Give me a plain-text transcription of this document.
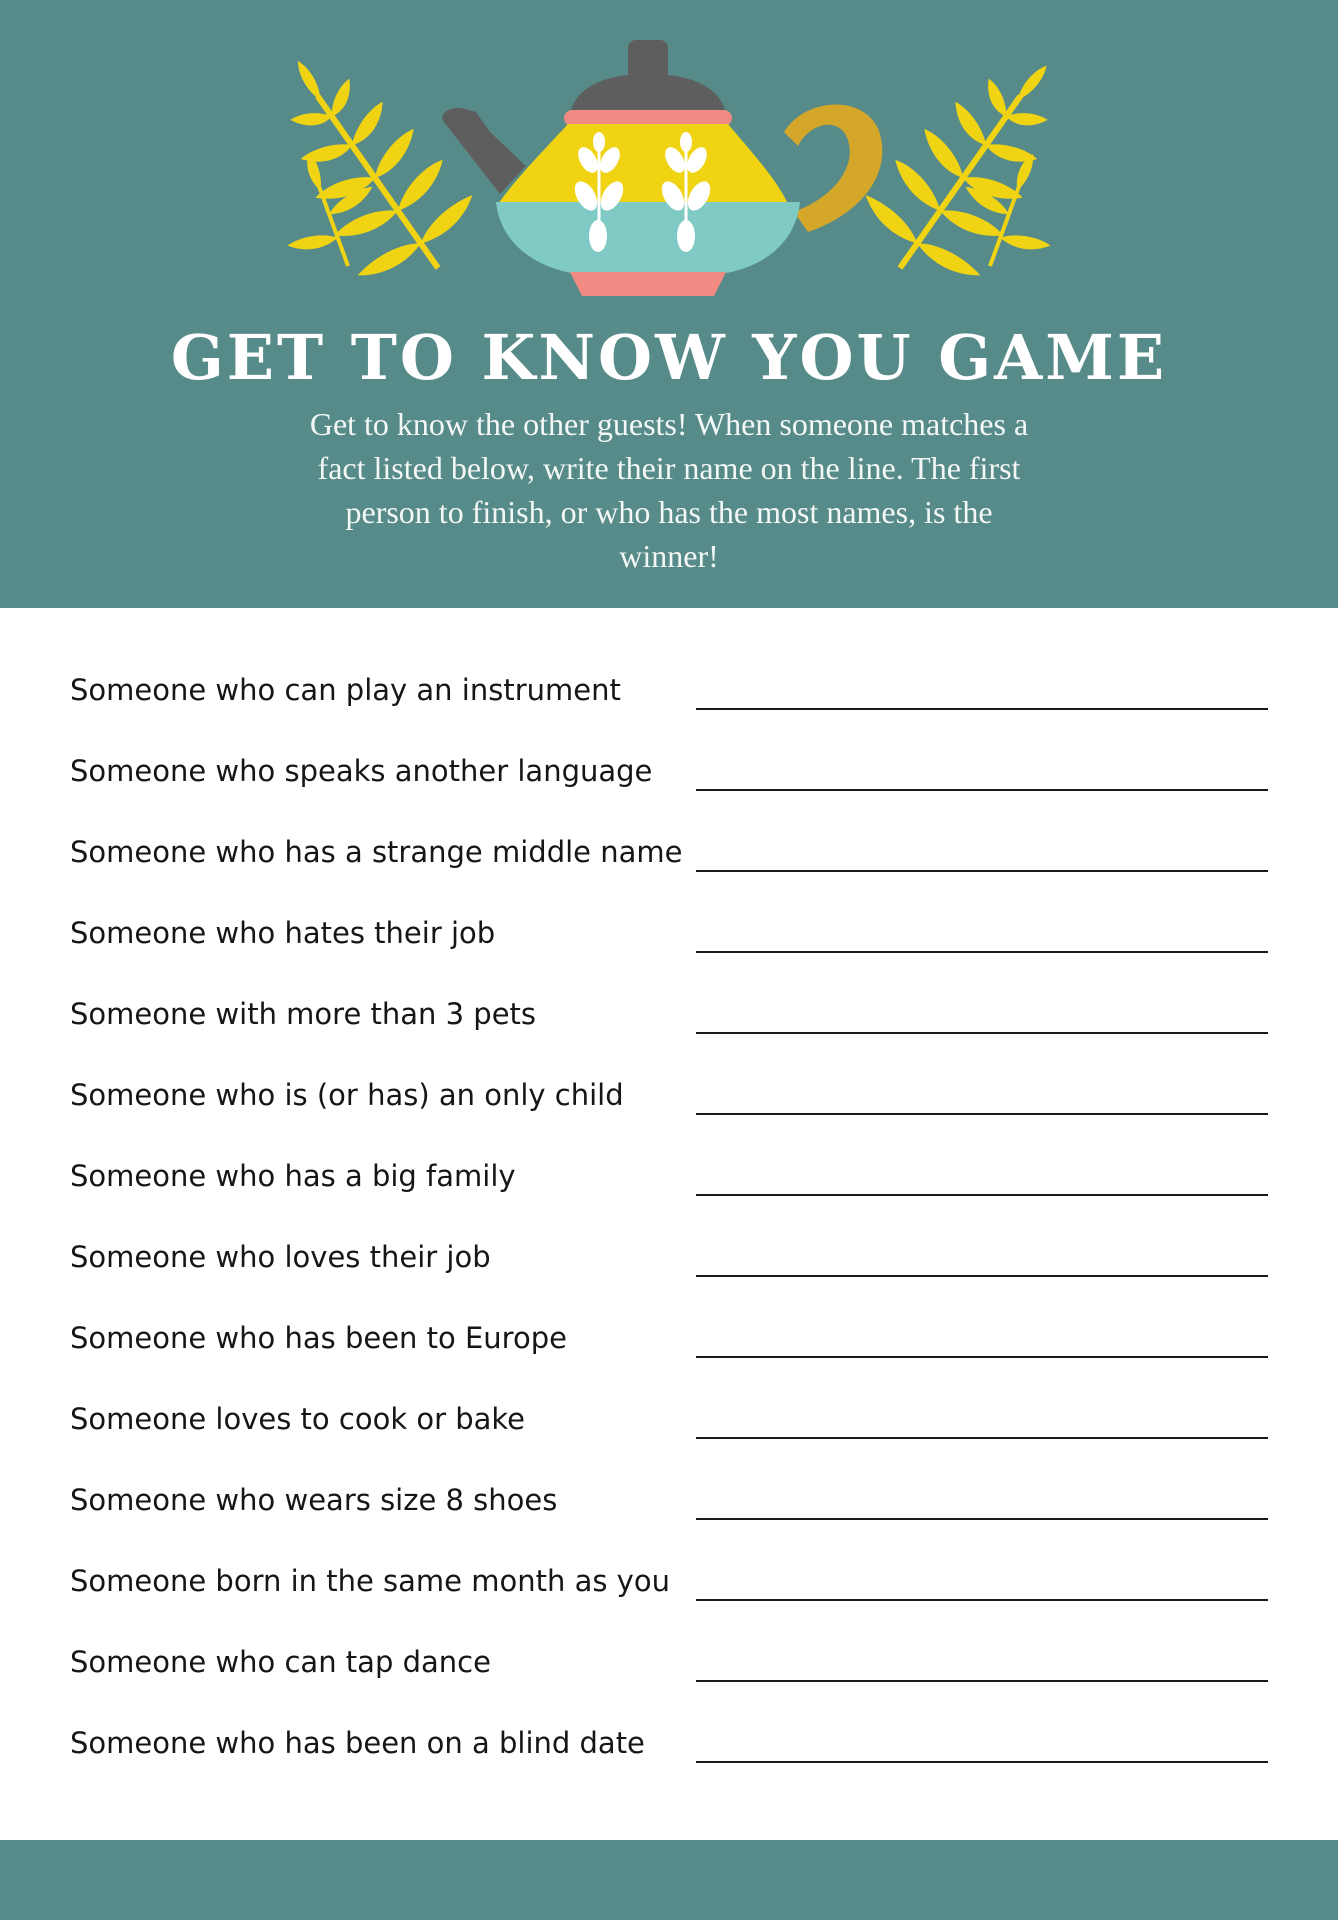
GET TO KNOW YOU GAME
Get to know the other guests! When someone matches a fact listed below, write their name on the line. The first person to finish, or who has the most names, is the winner!
Someone who can play an instrument
Someone who speaks another language
Someone who has a strange middle name
Someone who hates their job
Someone with more than 3 pets
Someone who is (or has) an only child
Someone who has a big family
Someone who loves their job
Someone who has been to Europe
Someone loves to cook or bake
Someone who wears size 8 shoes
Someone born in the same month as you
Someone who can tap dance
Someone who has been on a blind date
